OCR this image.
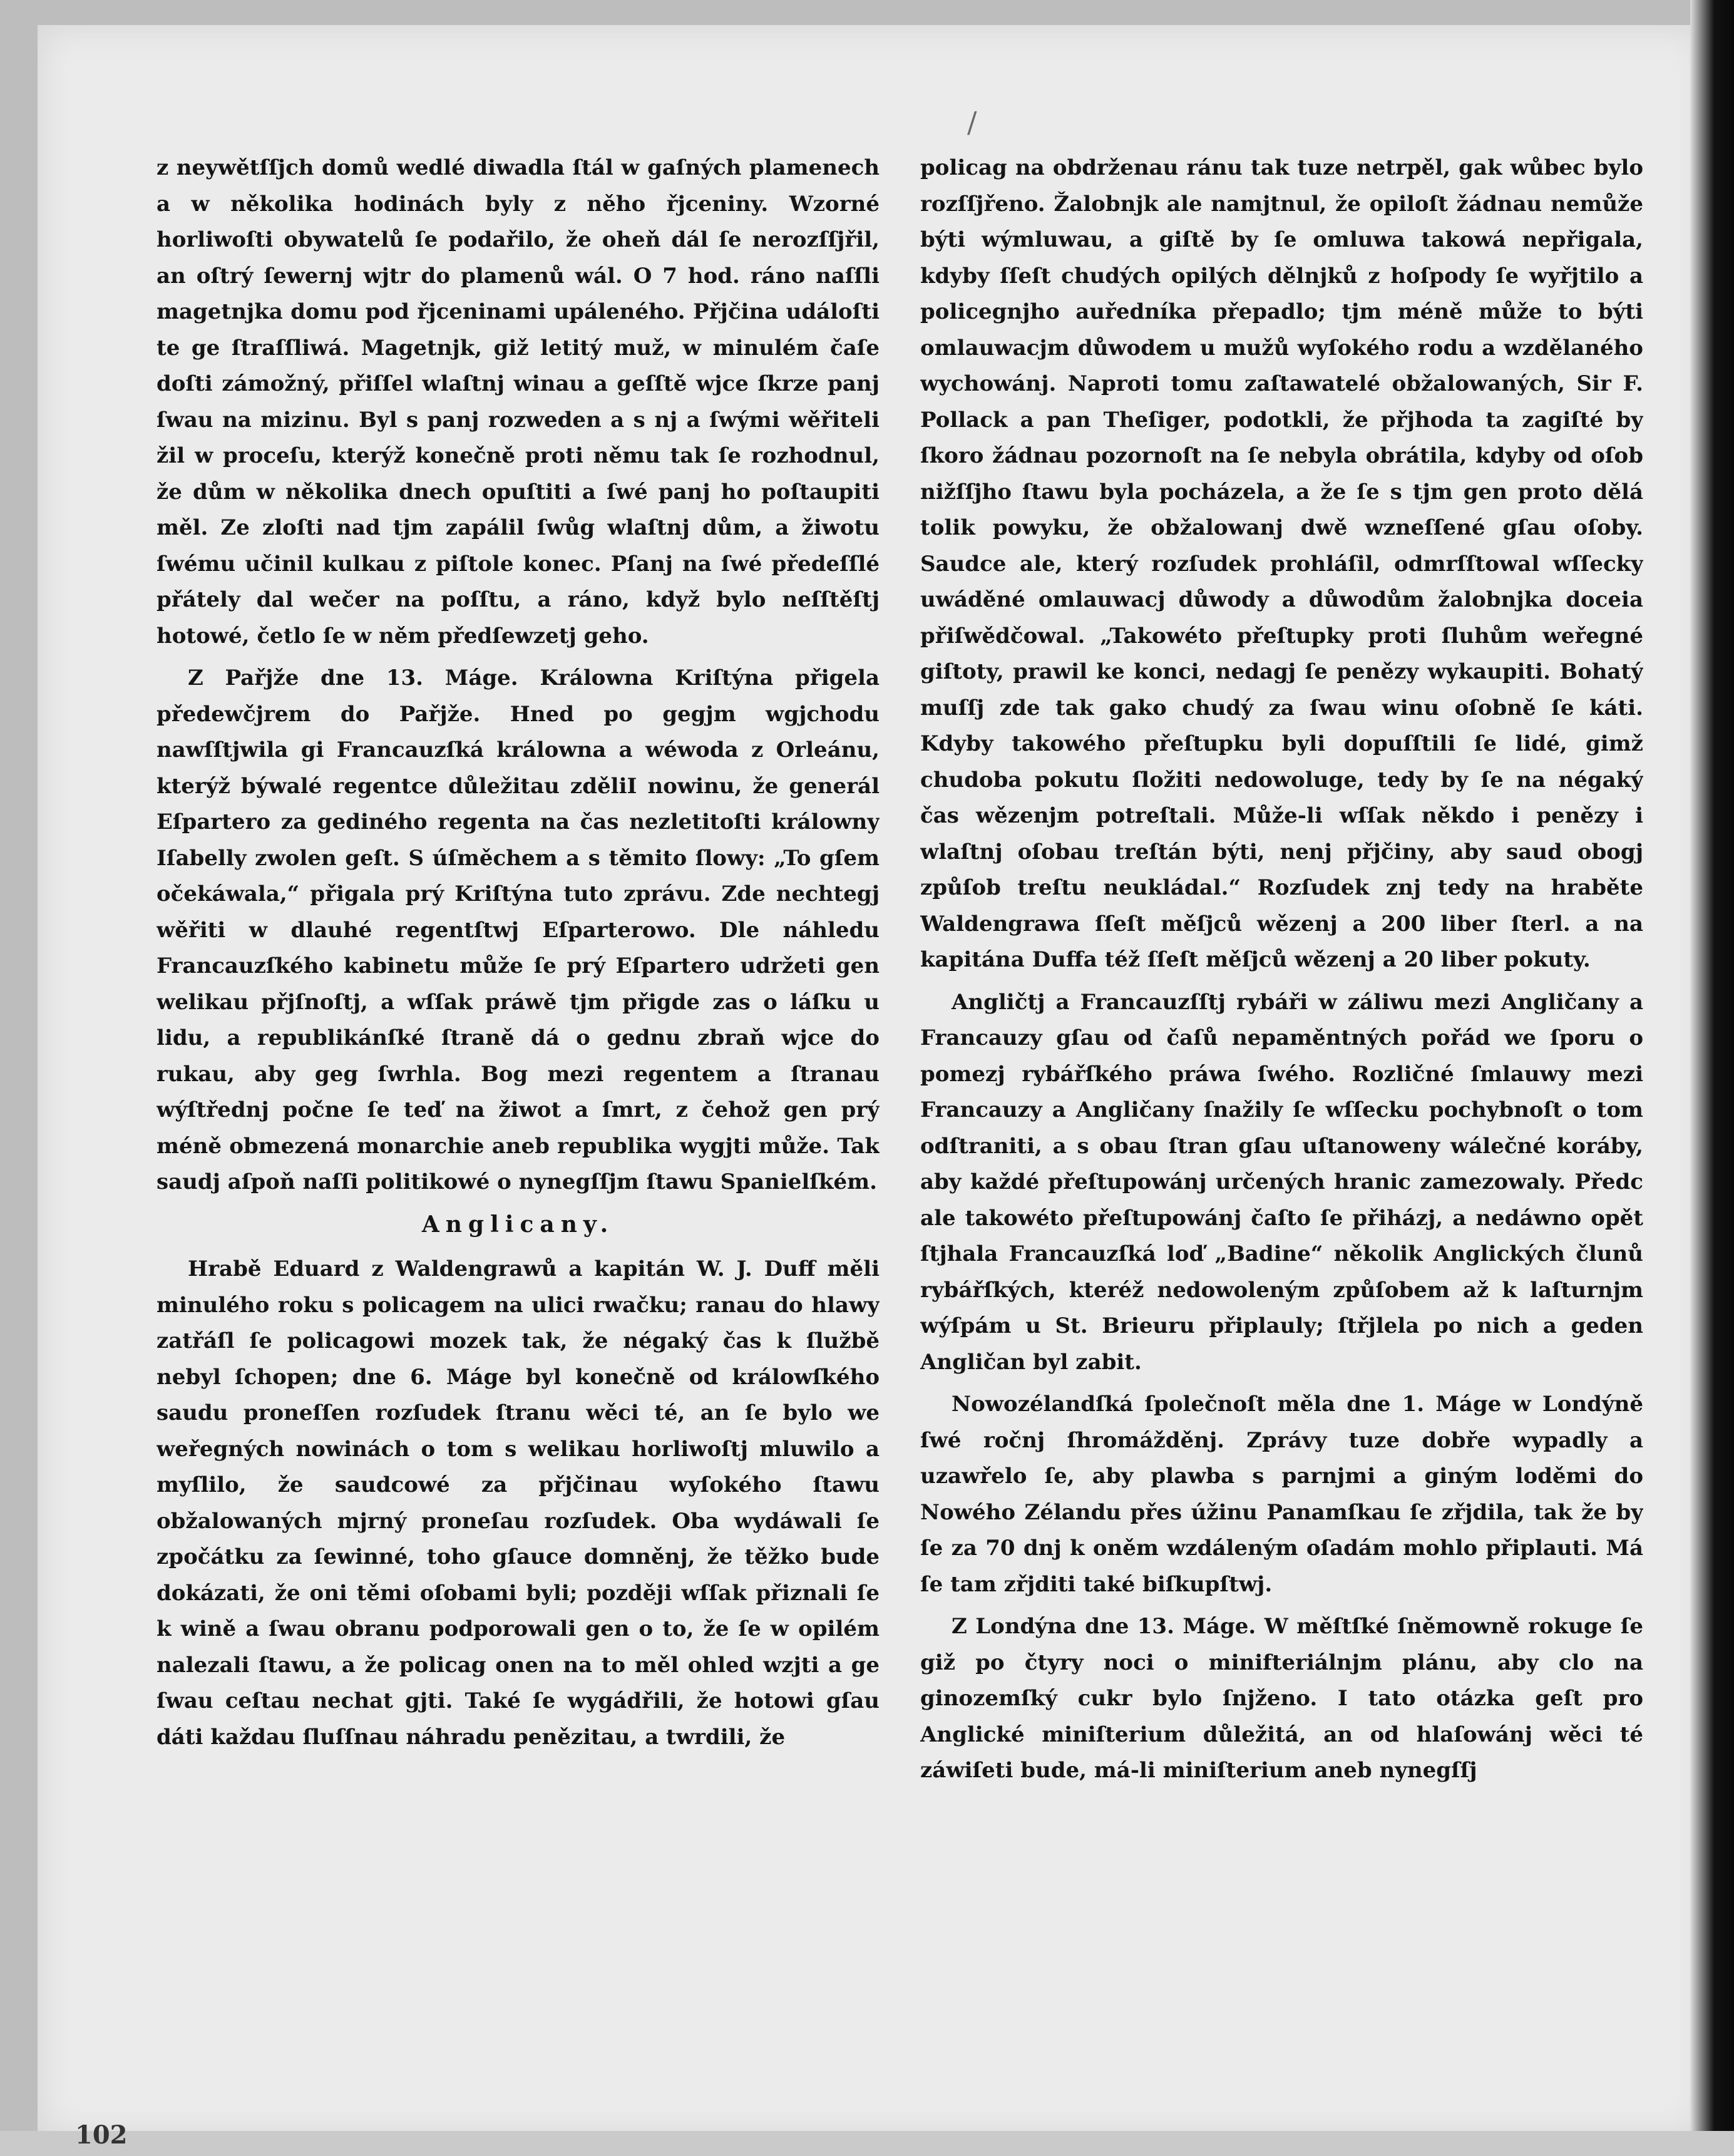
/

z neywětſſjch domů wedlé diwadla ſtál w gaſných plamenech a w několika hodinách byly z něho řjceniny. Wzorné horliwoſti obywatelů ſe podařilo, že oheň dál ſe nerozſſjřil, an oſtrý ſewernj wjtr do plamenů wál. O 7 hod. ráno naſſli magetnjka domu pod řjceninami upáleného. Přjčina událoſti te ge ſtraſſliwá. Magetnjk, giž letitý muž, w minulém čaſe doſti zámožný, přiſſel wlaſtnj winau a geſſtě wjce ſkrze panj ſwau na mizinu. Byl s panj rozweden a s nj a ſwými wěřiteli žil w proceſu, kterýž konečně proti němu tak ſe rozhodnul, že dům w několika dnech opuſtiti a ſwé panj ho poſtaupiti měl. Ze zloſti nad tjm zapálil ſwůg wlaſtnj dům, a žiwotu ſwému učinil kulkau z piſtole konec. Pſanj na ſwé předeſſlé přátely dal wečer na poſſtu, a ráno, když bylo neſſtěſtj hotowé, četlo ſe w něm předſewzetj geho.

Z Pařjže dne 13. Máge. Králowna Kriſtýna přigela předewčjrem do Pařjže. Hned po gegjm wgjchodu nawſſtjwila gi Francauzſká králowna a wéwoda z Orleánu, kterýž býwalé regentce důležitau zděliI nowinu, že generál Eſpartero za gediného regenta na čas nezletitoſti králowny Iſabelly zwolen geſt. S úſměchem a s těmito ſlowy: „To gſem očekáwala,“ přigala prý Kriſtýna tuto zprávu. Zde nechtegj wěřiti w dlauhé regentſtwj Eſparterowo. Dle náhledu Francauzſkého kabinetu může ſe prý Eſpartero udržeti gen welikau přjſnoſtj, a wſſak práwě tjm přigde zas o láſku u lidu, a republikánſké ſtraně dá o gednu zbraň wjce do rukau, aby geg ſwrhla. Bog mezi regentem a ſtranau wýſtřednj počne ſe teď na žiwot a ſmrt, z čehož gen prý méně obmezená monarchie aneb republika wygjti může. Tak saudj aſpoň naſſi politikowé o nynegſſjm ſtawu Spanielſkém.

Anglicany.

Hrabě Eduard z Waldengrawů a kapitán W. J. Duff měli minulého roku s policagem na ulici rwačku; ranau do hlawy zatřáſl ſe policagowi mozek tak, že négaký čas k ſlužbě nebyl ſchopen; dne 6. Máge byl konečně od králowſkého saudu proneſſen rozſudek ſtranu wěci té, an ſe bylo we weřegných nowinách o tom s welikau horliwoſtj mluwilo a myſlilo, že saudcowé za přjčinau wyſokého ſtawu obžalowaných mjrný proneſau rozſudek. Oba wydáwali ſe zpočátku za ſewinné, toho gſauce domněnj, že těžko bude dokázati, že oni těmi oſobami byli; později wſſak přiznali ſe k wině a ſwau obranu podporowali gen o to, že ſe w opilém nalezali ſtawu, a že policag onen na to měl ohled wzjti a ge ſwau ceſtau nechat gjti. Také ſe wygádřili, že hotowi gſau dáti každau ſluſſnau náhradu penězitau, a twrdili, že

policag na obdrženau ránu tak tuze netrpěl, gak wůbec bylo rozſſjřeno. Žalobnjk ale namjtnul, že opiloſt žádnau nemůže býti wýmluwau, a giſtě by ſe omluwa takowá nepřigala, kdyby ſſeſt chudých opilých dělnjků z hoſpody ſe wyřjtilo a policegnjho auředníka přepadlo; tjm méně může to býti omlauwacjm důwodem u mužů wyſokého rodu a wzdělaného wychowánj. Naproti tomu zaſtawatelé obžalowaných, Sir F. Pollack a pan Theſiger, podotkli, že přjhoda ta zagiſté by ſkoro žádnau pozornoſt na ſe nebyla obrátila, kdyby od oſob nižſſjho ſtawu byla pocházela, a že ſe s tjm gen proto dělá tolik powyku, že obžalowanj dwě wzneſſené gſau oſoby. Saudce ale, který rozſudek prohláſil, odmrſſtowal wſſecky uwáděné omlauwacj důwody a důwodům žalobnjka doceia přiſwědčowal. „Takowéto přeſtupky proti ſluhům weřegné giſtoty, prawil ke konci, nedagj ſe penězy wykaupiti. Bohatý muſſj zde tak gako chudý za ſwau winu oſobně ſe káti. Kdyby takowého přeſtupku byli dopuſſtili ſe lidé, gimž chudoba pokutu ſložiti nedowoluge, tedy by ſe na négaký čas wězenjm potreſtali. Může-li wſſak někdo i penězy i wlaſtnj oſobau treſtán býti, nenj přjčiny, aby saud obogj způſob treſtu neukládal.“ Rozſudek znj tedy na hraběte Waldengrawa ſſeſt měſjců wězenj a 200 liber ſterl. a na kapitána Duffa též ſſeſt měſjců wězenj a 20 liber pokuty.

Angličtj a Francauzſſtj rybáři w záliwu mezi Angličany a Francauzy gſau od čaſů nepaměntných pořád we ſporu o pomezj rybářſkého práwa ſwého. Rozličné ſmlauwy mezi Francauzy a Angličany ſnažily ſe wſſecku pochybnoſt o tom odſtraniti, a s obau ſtran gſau uſtanoweny wálečné koráby, aby každé přeſtupowánj určených hranic zamezowaly. Předc ale takowéto přeſtupowánj čaſto ſe přiházj, a nedáwno opět ſtjhala Francauzſká loď „Badine“ několik Anglických člunů rybářſkých, kteréž nedowoleným způſobem až k laſturnjm wýſpám u St. Brieuru připlauly; ſtřjlela po nich a geden Angličan byl zabit.

Nowozélandſká ſpolečnoſt měla dne 1. Máge w Londýně ſwé ročnj ſhromážděnj. Zprávy tuze dobře wypadly a uzawřelo ſe, aby plawba s parnjmi a giným loděmi do Nowého Zélandu přes úžinu Panamſkau ſe zřjdila, tak že by ſe za 70 dnj k oněm wzdáleným oſadám mohlo připlauti. Má ſe tam zřjditi také biſkupſtwj.

Z Londýna dne 13. Máge. W měſtſké ſněmowně rokuge ſe giž po čtyry noci o minifteriálnjm plánu, aby clo na ginozemſký cukr bylo ſnjženo. I tato otázka geſt pro Anglické miniſterium důležitá, an od hlaſowánj wěci té záwiſeti bude, má-li miniſterium aneb nynegſſj

102
